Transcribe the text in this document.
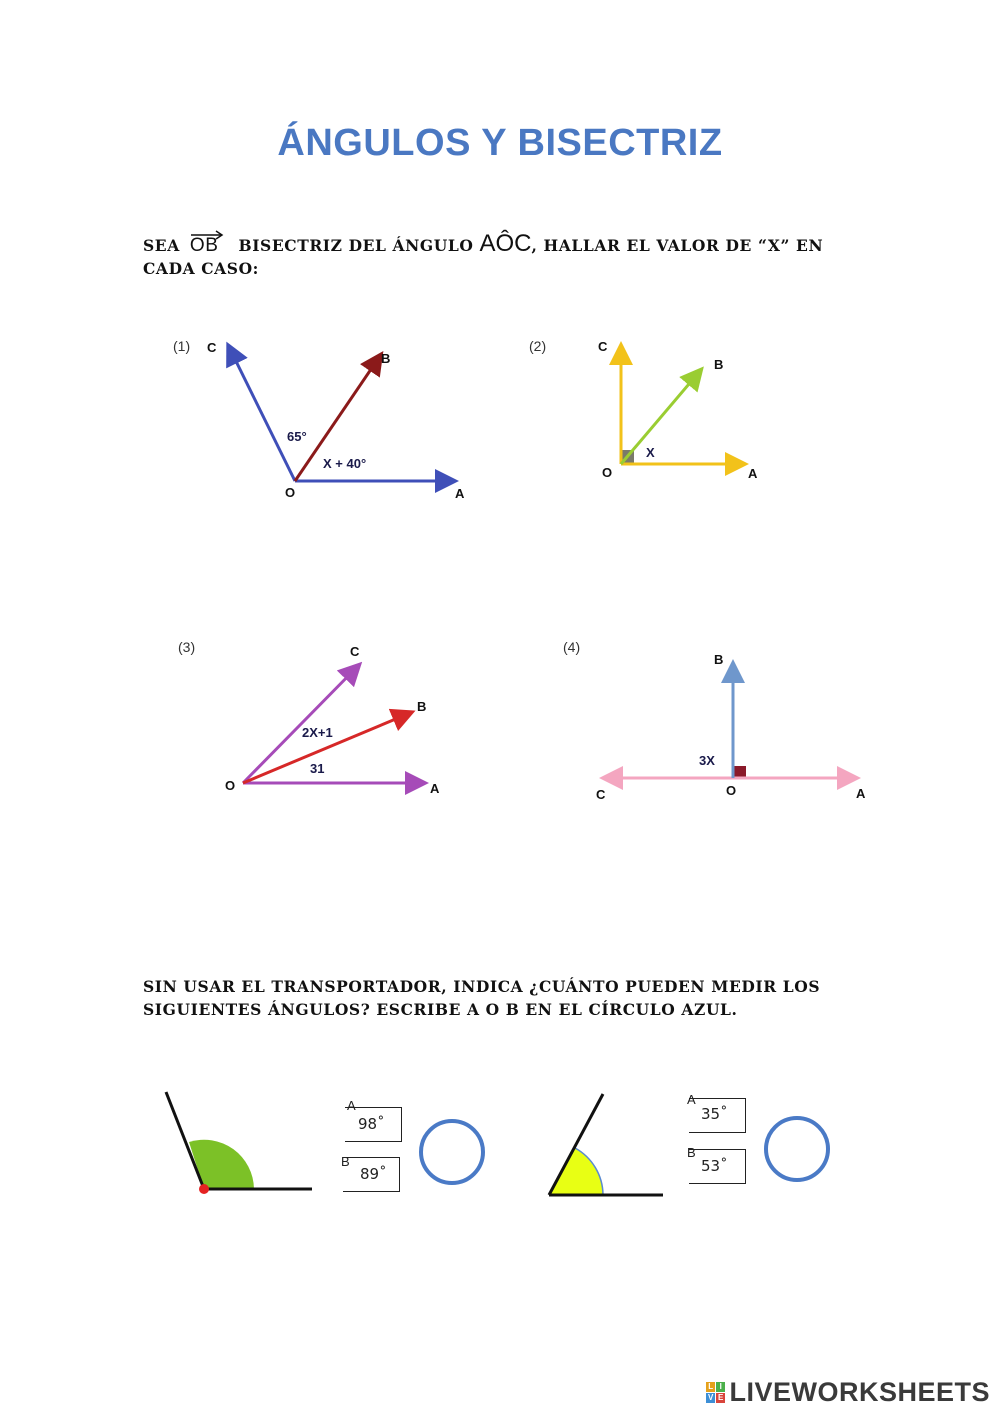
ÁNGULOS Y BISECTRIZ
SEA OB BISECTRIZ DEL ÁNGULO AÔC, HALLAR EL VALOR DE “X” EN
CADA CASO:
(1) C
B
O	A
65°
X + 40°
(2)	C
B
O	A
X
(3)	C
B
O	A
2X+1
31
(4)
B
C	O	A
3X
SIN USAR EL TRANSPORTADOR, INDICA ¿CUÁNTO PUEDEN MEDIR LOS
SIGUIENTES ÁNGULOS? ESCRIBE A O B EN EL CÍRCULO AZUL.
A
98˚
B
89˚
A
35˚
B
53˚
L I
V E LIVEWORKSHEETS
